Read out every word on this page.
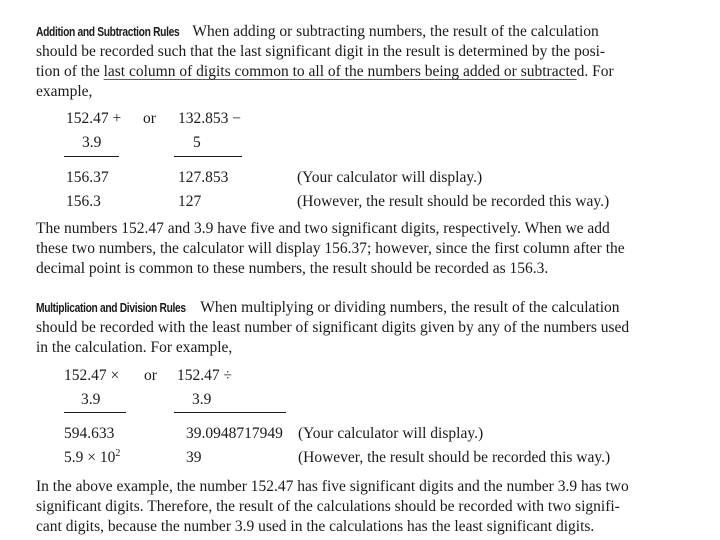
Addition and Subtraction Rules When adding or subtracting numbers, the result of the calculation
should be recorded such that the last significant digit in the result is determined by the posi-
tion of the last column of digits common to all of the numbers being added or subtracted. For
example,
152.47 + or 132.853 −
3.9	5
156.37	127.853	(Your calculator will display.)
156.3	127	(However, the result should be recorded this way.)
The numbers 152.47 and 3.9 have five and two significant digits, respectively. When we add
these two numbers, the calculator will display 156.37; however, since the first column after the
decimal point is common to these numbers, the result should be recorded as 156.3.
Multiplication and Division Rules When multiplying or dividing numbers, the result of the calculation
should be recorded with the least number of significant digits given by any of the numbers used
in the calculation. For example,
152.47 × or 152.47 ÷
3.9	3.9
594.633	39.0948717949 (Your calculator will display.)
$5.9 \times 10^2$	39	(However, the result should be recorded this way.)
In the above example, the number 152.47 has five significant digits and the number 3.9 has two
significant digits. Therefore, the result of the calculations should be recorded with two signifi-
cant digits, because the number 3.9 used in the calculations has the least significant digits.
